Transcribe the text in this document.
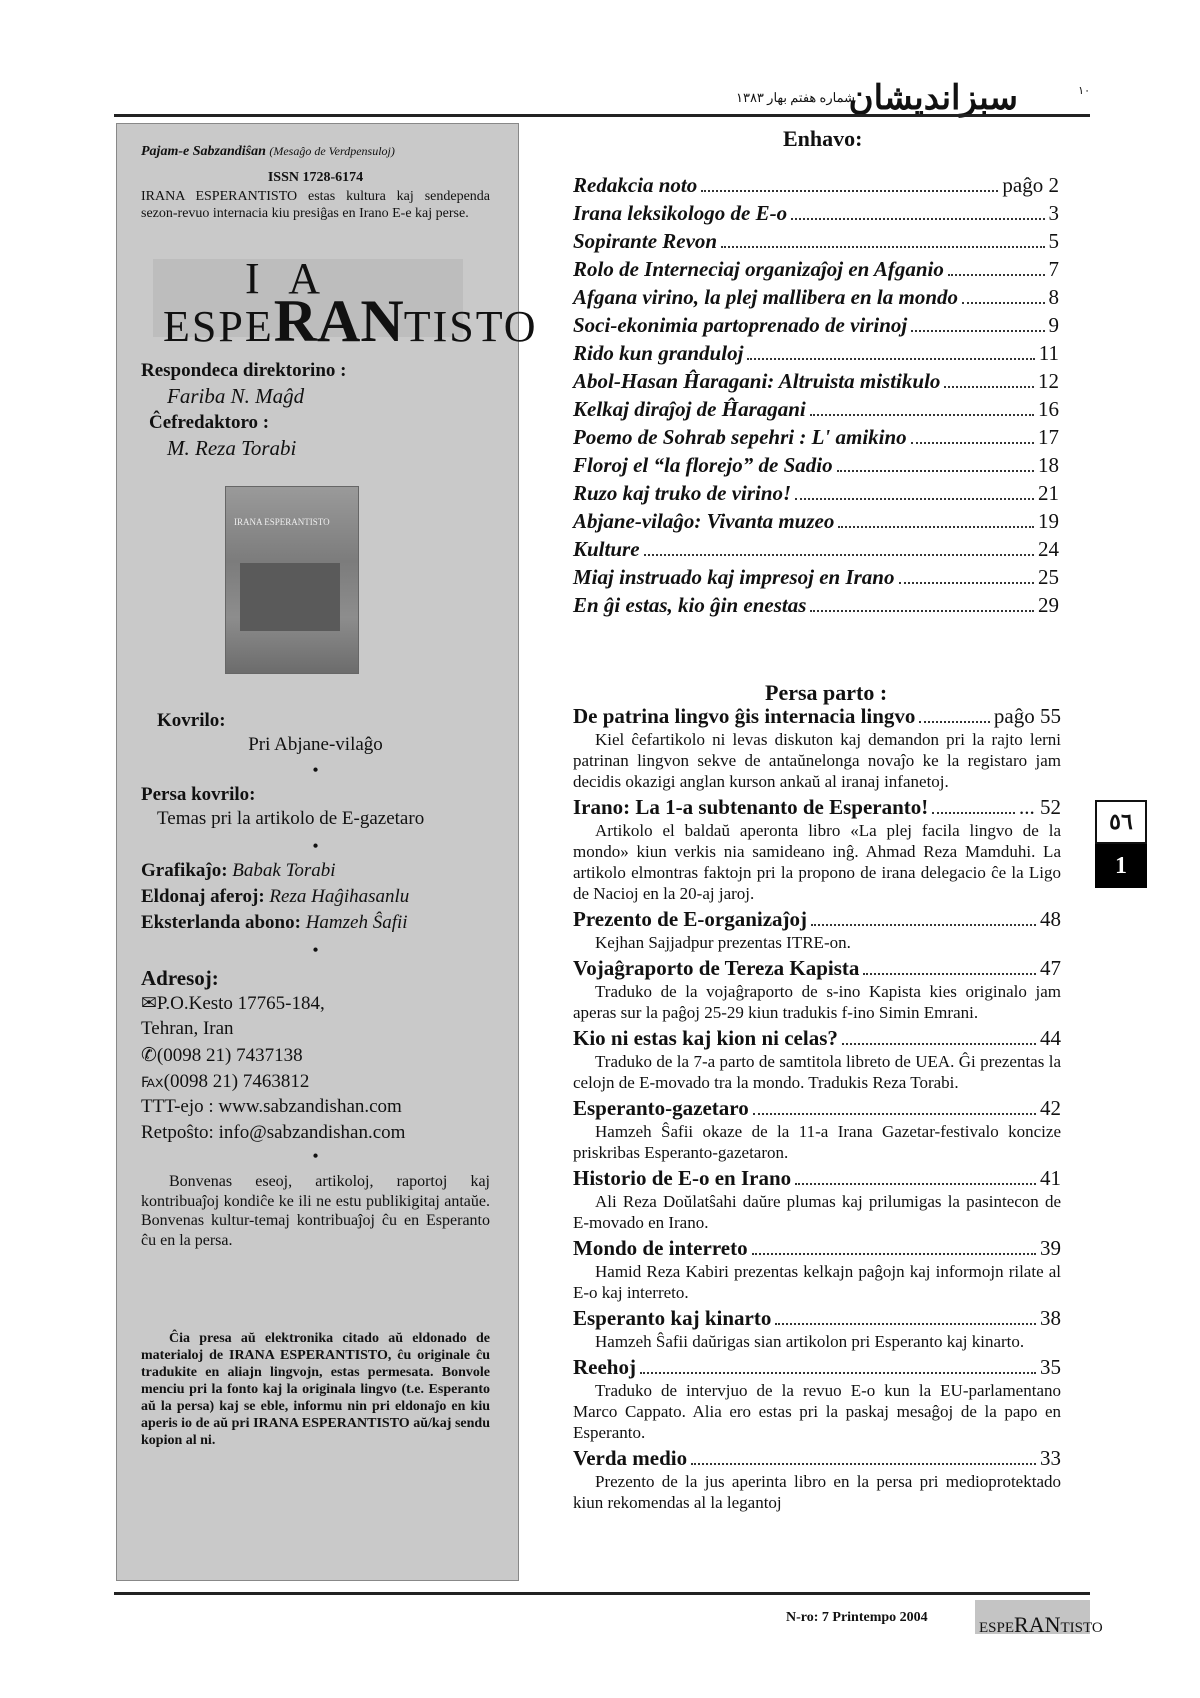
۱۰
سبزاندیشان
شماره هفتم بهار ۱۳۸۳
Pajam-e Sabzandiŝan (Mesaĝo de Verdpensuloj)
ISSN 1728-6174
IRANA ESPERANTISTO estas kultura kaj sendependa sezon-revuo internacia kiu presiĝas en Irano E-e kaj perse.
I A
ESPERANTISTO
Respondeca direktorino :
Fariba N. Maĝd
Ĉefredaktoro :
M. Reza Torabi
IRANA ESPERANTISTO
Kovrilo:
Pri Abjane-vilaĝo
•
Persa kovrilo:
Temas pri la artikolo de E-gazetaro
•
Grafikaĵo: Babak Torabi
Eldonaj aferoj: Reza Haĝihasanlu
Eksterlanda abono: Hamzeh Ŝafii
•
Adresoj:
✉P.O.Kesto 17765-184,
Tehran, Iran
✆(0098 21) 7437138
℻(0098 21) 7463812
TTT-ejo : www.sabzandishan.com
Retpoŝto: info@sabzandishan.com
•
Bonvenas eseoj, artikoloj, raportoj kaj kontribuaĵoj kondiĉe ke ili ne estu publikigitaj antaŭe. Bonvenas kultur-temaj kontribuaĵoj ĉu en Esperanto ĉu en la persa.
Ĉia presa aŭ elektronika citado aŭ eldonado de materialoj de IRANA ESPERANTISTO, ĉu originale ĉu tradukite en aliajn lingvojn, estas permesata. Bonvole menciu pri la fonto kaj la originala lingvo (t.e. Esperanto aŭ la persa) kaj se eble, informu nin pri eldonaĵo en kiu aperis io de aŭ pri IRANA ESPERANTISTO aŭ/kaj sendu kopion al ni.
Enhavo:
Redakcia noto	paĝo 2
Irana leksikologo de E-o	3
Sopirante Revon	5
Rolo de Interneciaj organizaĵoj en Afganio	7
Afgana virino, la plej mallibera en la mondo	8
Soci-ekonimia partoprenado de virinoj	9
Rido kun granduloj	11
Abol-Hasan Ĥaragani: Altruista mistikulo	12
Kelkaj diraĵoj de Ĥaragani	16
Poemo de Sohrab sepehri : L' amikino	17
Floroj el “la florejo” de Sadio	18
Ruzo kaj truko de virino!	21
Abjane-vilaĝo: Vivanta muzeo	19
Kulture	24
Miaj instruado kaj impresoj en Irano	25
En ĝi estas, kio ĝin enestas	29
Persa parto :
De patrina lingvo ĝis internacia lingvo	paĝo 55
Kiel ĉefartikolo ni levas diskuton kaj demandon pri la rajto lerni patrinan lingvon sekve de antaŭnelonga novaĵo ke la registaro jam decidis okazigi anglan kurson ankaŭ al iranaj infanetoj.
Irano: La 1-a subtenanto de Esperanto!	... 52
Artikolo el baldaŭ aperonta libro «La plej facila lingvo de la mondo» kiun verkis nia samideano inĝ. Ahmad Reza Mamduhi. La artikolo elmontras faktojn pri la propono de irana delegacio ĉe la Ligo de Nacioj en la 20-aj jaroj.
Prezento de E-organizaĵoj	48
Kejhan Sajjadpur prezentas ITRE-on.
Vojaĝraporto de Tereza Kapista	47
Traduko de la vojaĝraporto de s-ino Kapista kies originalo jam aperas sur la paĝoj 25-29 kiun tradukis f-ino Simin Emrani.
Kio ni estas kaj kion ni celas?	44
Traduko de la 7-a parto de samtitola libreto de UEA. Ĝi prezentas la celojn de E-movado tra la mondo. Tradukis Reza Torabi.
Esperanto-gazetaro	42
Hamzeh Ŝafii okaze de la 11-a Irana Gazetar-festivalo koncize priskribas Esperanto-gazetaron.
Historio de E-o en Irano	41
Ali Reza Doŭlatŝahi daŭre plumas kaj prilumigas la pasintecon de E-movado en Irano.
Mondo de interreto	39
Hamid Reza Kabiri prezentas kelkajn paĝojn kaj informojn rilate al E-o kaj interreto.
Esperanto kaj kinarto	38
Hamzeh Ŝafii daŭrigas sian artikolon pri Esperanto kaj kinarto.
Reehoj	35
Traduko de intervjuo de la revuo E-o kun la EU-parlamentano Marco Cappato. Alia ero estas pri la paskaj mesaĝoj de la papo en Esperanto.
Verda medio	33
Prezento de la jus aperinta libro en la persa pri medioprotektado kiun rekomendas al la legantoj
٥٦
1
N-ro: 7 Printempo 2004
ESPERANTISTO
